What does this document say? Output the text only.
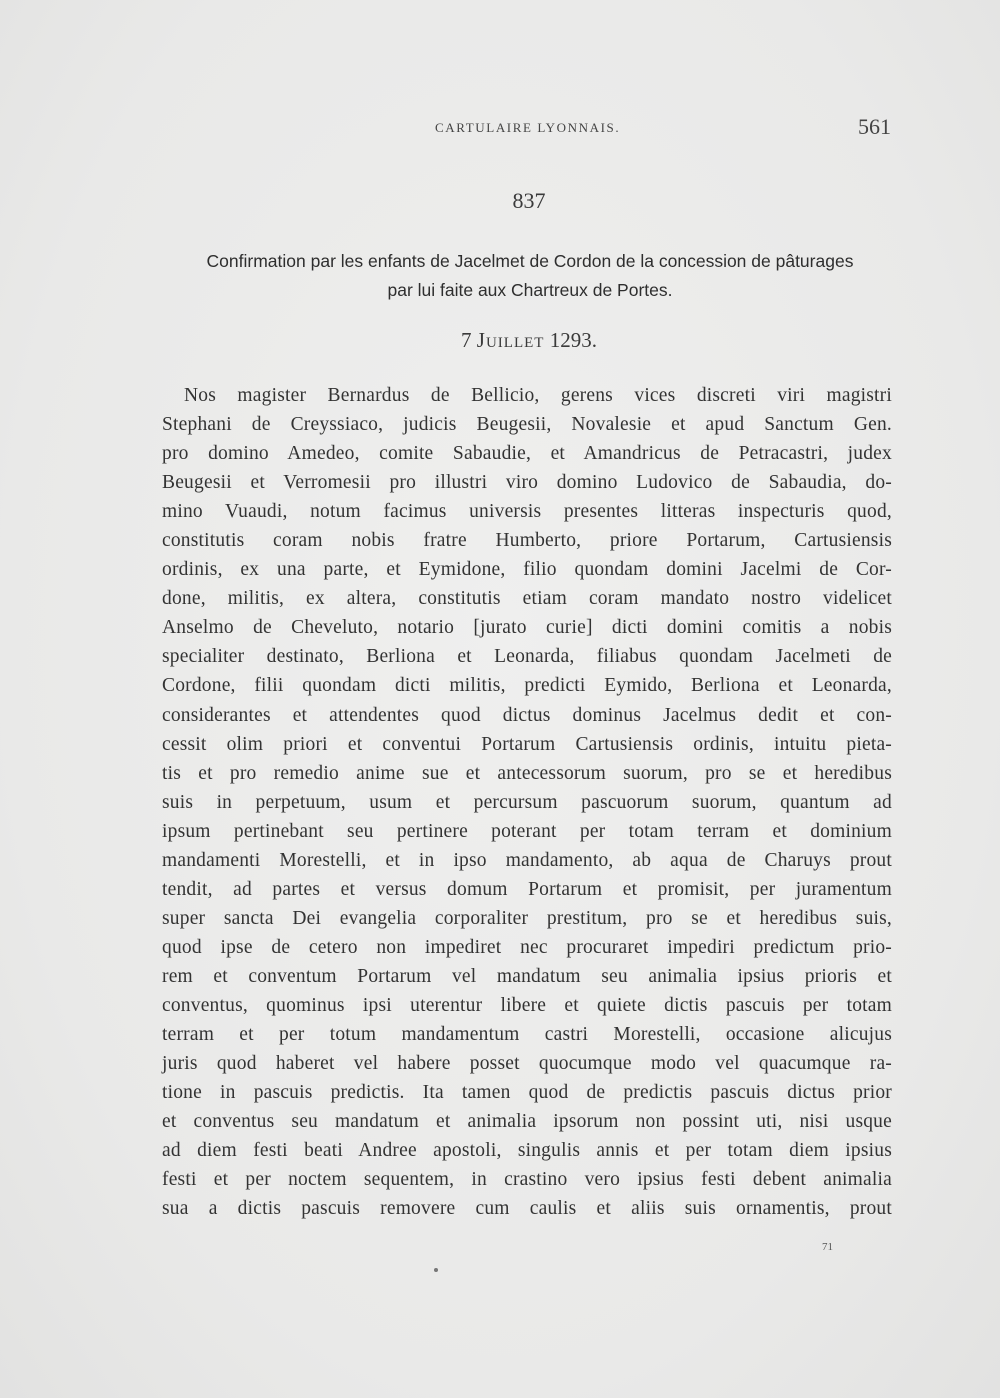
CARTULAIRE LYONNAIS.	561
837
Confirmation par les enfants de Jacelmet de Cordon de la concession de pâturages
par lui faite aux Chartreux de Portes.
7 Juillet 1293.
Nos magister Bernardus de Bellicio, gerens vices discreti viri magistri
Stephani de Creyssiaco, judicis Beugesii, Novalesie et apud Sanctum Gen.
pro domino Amedeo, comite Sabaudie, et Amandricus de Petracastri, judex
Beugesii et Verromesii pro illustri viro domino Ludovico de Sabaudia, do-
mino Vuaudi, notum facimus universis presentes litteras inspecturis quod,
constitutis coram nobis fratre Humberto, priore Portarum, Cartusiensis
ordinis, ex una parte, et Eymidone, filio quondam domini Jacelmi de Cor-
done, militis, ex altera, constitutis etiam coram mandato nostro videlicet
Anselmo de Cheveluto, notario [jurato curie] dicti domini comitis a nobis
specialiter destinato, Berliona et Leonarda, filiabus quondam Jacelmeti de
Cordone, filii quondam dicti militis, predicti Eymido, Berliona et Leonarda,
considerantes et attendentes quod dictus dominus Jacelmus dedit et con-
cessit olim priori et conventui Portarum Cartusiensis ordinis, intuitu pieta-
tis et pro remedio anime sue et antecessorum suorum, pro se et heredibus
suis in perpetuum, usum et percursum pascuorum suorum, quantum ad
ipsum pertinebant seu pertinere poterant per totam terram et dominium
mandamenti Morestelli, et in ipso mandamento, ab aqua de Charuys prout
tendit, ad partes et versus domum Portarum et promisit, per juramentum
super sancta Dei evangelia corporaliter prestitum, pro se et heredibus suis,
quod ipse de cetero non impediret nec procuraret impediri predictum prio-
rem et conventum Portarum vel mandatum seu animalia ipsius prioris et
conventus, quominus ipsi uterentur libere et quiete dictis pascuis per totam
terram et per totum mandamentum castri Morestelli, occasione alicujus
juris quod haberet vel habere posset quocumque modo vel quacumque ra-
tione in pascuis predictis. Ita tamen quod de predictis pascuis dictus prior
et conventus seu mandatum et animalia ipsorum non possint uti, nisi usque
ad diem festi beati Andree apostoli, singulis annis et per totam diem ipsius
festi et per noctem sequentem, in crastino vero ipsius festi debent animalia
sua a dictis pascuis removere cum caulis et aliis suis ornamentis, prout
71
